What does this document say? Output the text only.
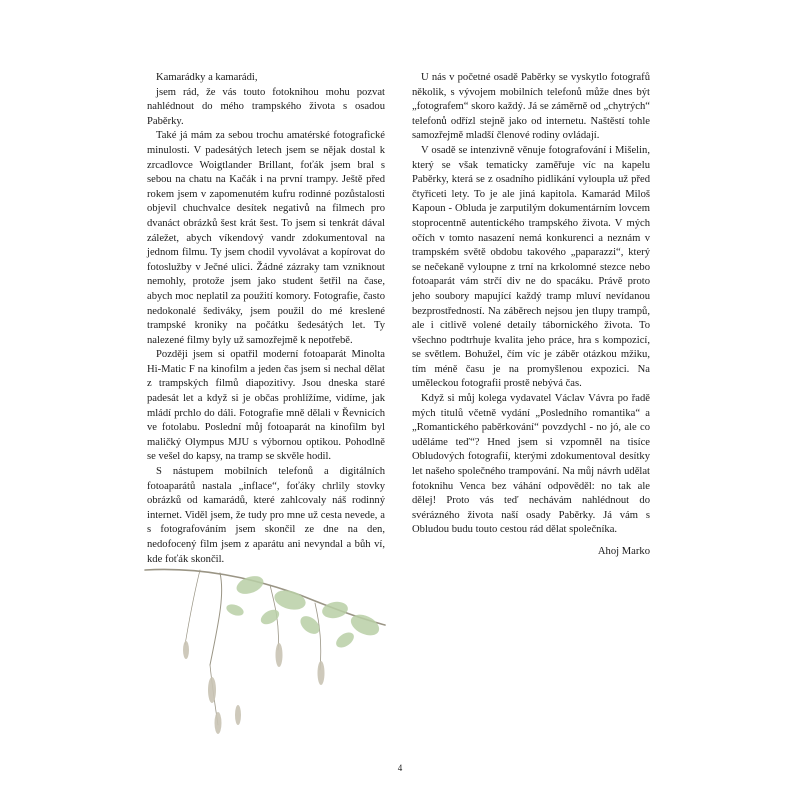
Kamarádky a kamarádi,

jsem rád, že vás touto fotoknihou mohu pozvat nahlédnout do mého trampského života s osadou Paběrky.

Také já mám za sebou trochu amatérské fotografické minulosti. V padesátých letech jsem se nějak dostal k zrcadlovce Woigtlander Brillant, foťák jsem bral s sebou na chatu na Kačák i na první trampy. Ještě před rokem jsem v zapomenutém kufru rodinné pozůstalosti objevil chuchvalce desítek negativů na filmech pro dvanáct obrázků šest krát šest. To jsem si tenkrát dával záležet, abych víkendový vandr zdokumentoval na jednom filmu. Ty jsem chodil vyvolávat a kopírovat do fotoslužby v Ječné ulici. Žádné zázraky tam vzniknout nemohly, protože jsem jako student šetřil na čase, abych moc neplatil za použití komory. Fotografie, často nedokonalé šediváky, jsem použil do mé kreslené trampské kroniky na počátku šedesátých let. Ty nalezené filmy byly už samozřejmě k nepotřebě.

Později jsem si opatřil moderní fotoaparát Minolta Hi-Matic F na kinofilm a jeden čas jsem si nechal dělat z trampských filmů diapozitivy. Jsou dneska staré padesát let a když si je občas prohlížíme, vidíme, jak mládí prchlo do dáli. Fotografie mně dělali v Řevnicích ve fotolabu. Poslední můj fotoaparát na kinofilm byl maličký Olympus MJU s výbornou optikou. Pohodlně se vešel do kapsy, na tramp se skvěle hodil.

S nástupem mobilních telefonů a digitálních fotoaparátů nastala „inflace“, foťáky chrlily stovky obrázků od kamarádů, které zahlcovaly náš rodinný internet. Viděl jsem, že tudy pro mne už cesta nevede, a s fotografováním jsem skončil ze dne na den, nedofocený film jsem z aparátu ani nevyndal a bůh ví, kde foťák skončil.

U nás v početné osadě Paběrky se vyskytlo fotografů několik, s vývojem mobilních telefonů může dnes být „fotografem“ skoro každý. Já se záměrně od „chytrých“ telefonů odřízl stejně jako od internetu. Naštěstí tohle samozřejmě mladší členové rodiny ovládají.

V osadě se intenzivně věnuje fotografování i Mišelin, který se však tematicky zaměřuje víc na kapelu Paběrky, která se z osadního pidlikání vyloupla už před čtyřiceti lety. To je ale jiná kapitola. Kamarád Miloš Kapoun - Obluda je zarputilým dokumentárním lovcem stoprocentně autentického trampského života. V mých očích v tomto nasazení nemá konkurenci a neznám v trampském světě obdobu takového „paparazzi“, který se nečekaně vyloupne z trní na krkolomné stezce nebo fotoaparát vám strčí div ne do spacáku. Právě proto jeho soubory mapující každý tramp mluví nevídanou bezprostředností. Na záběrech nejsou jen tlupy trampů, ale i citlivě volené detaily tábornického života. To všechno podtrhuje kvalita jeho práce, hra s kompozicí, se světlem. Bohužel, čím víc je záběr otázkou mžiku, tím méně času je na promyšlenou expozici. Na uměleckou fotografii prostě nebývá čas.

Když si můj kolega vydavatel Václav Vávra po řadě mých titulů včetně vydání „Posledního romantika“ a „Romantického paběrkování“ povzdychl - no jó, ale co uděláme teď“? Hned jsem si vzpomněl na tisíce Obludových fotografií, kterými zdokumentoval desítky let našeho společného trampování. Na můj návrh udělat fotoknihu Venca bez váhání odpověděl: no tak ale dělej! Proto vás teď nechávám nahlédnout do svérázného života naší osady Paběrky. Já vám s Obludou budu touto cestou rád dělat společníka.

Ahoj Marko

4
